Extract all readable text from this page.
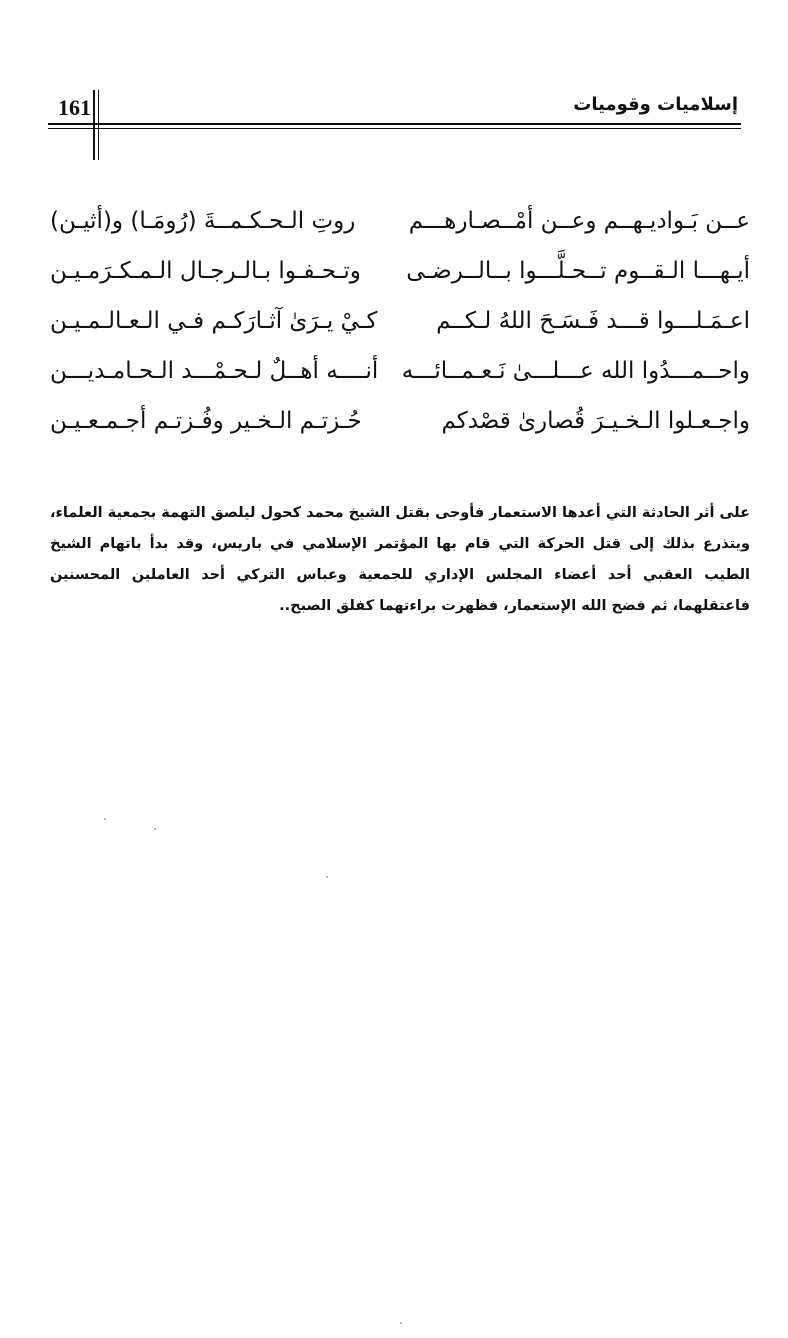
161	إسلاميات وقوميات
عــن بَـواديـهــم وعــن أمْــصـارهـــم
روتِ الـحـكـمــةَ (رُومَـا) و(أثيـن)
أيـهـــا الـقــوم تــحـلَّـــوا بــالــرضـى
وتـحـفـوا بـالـرجـال الـمـكـرَمـيـن
اعـمَـلـــوا قـــد فَـسَـحَ اللهُ لـكــم
كـيْ يـرَىٰ آثـارَكـم فـي الـعـالـمـيـن
واحــمـــدُوا الله عـــلـــىٰ نَـعـمــائـــه
أنــــه أهــلٌ لـحـمْـــد الـحـامـديـــن
واجـعـلوا الـخـيـرَ قُصارىٰ قصْدكم
حُـزتـم الـخـير وفُـزتـم أجـمـعـيـن

على أثر الحادثة التي أعدها الاستعمار فأوحى بقتل الشيخ محمد كحول ليلصق التهمة بجمعية العلماء، ويتذرع بذلك إلى قتل الحركة التي قام بها المؤتمر الإسلامي في باريس، وقد بدأ باتهام الشيخ الطيب العقبي أحد أعضاء المجلس الإداري للجمعية وعباس التركي أحد العاملين المحسنين فاعتقلهما، ثم فضح الله الإستعمار، فظهرت براءتهما كفلق الصبح..
